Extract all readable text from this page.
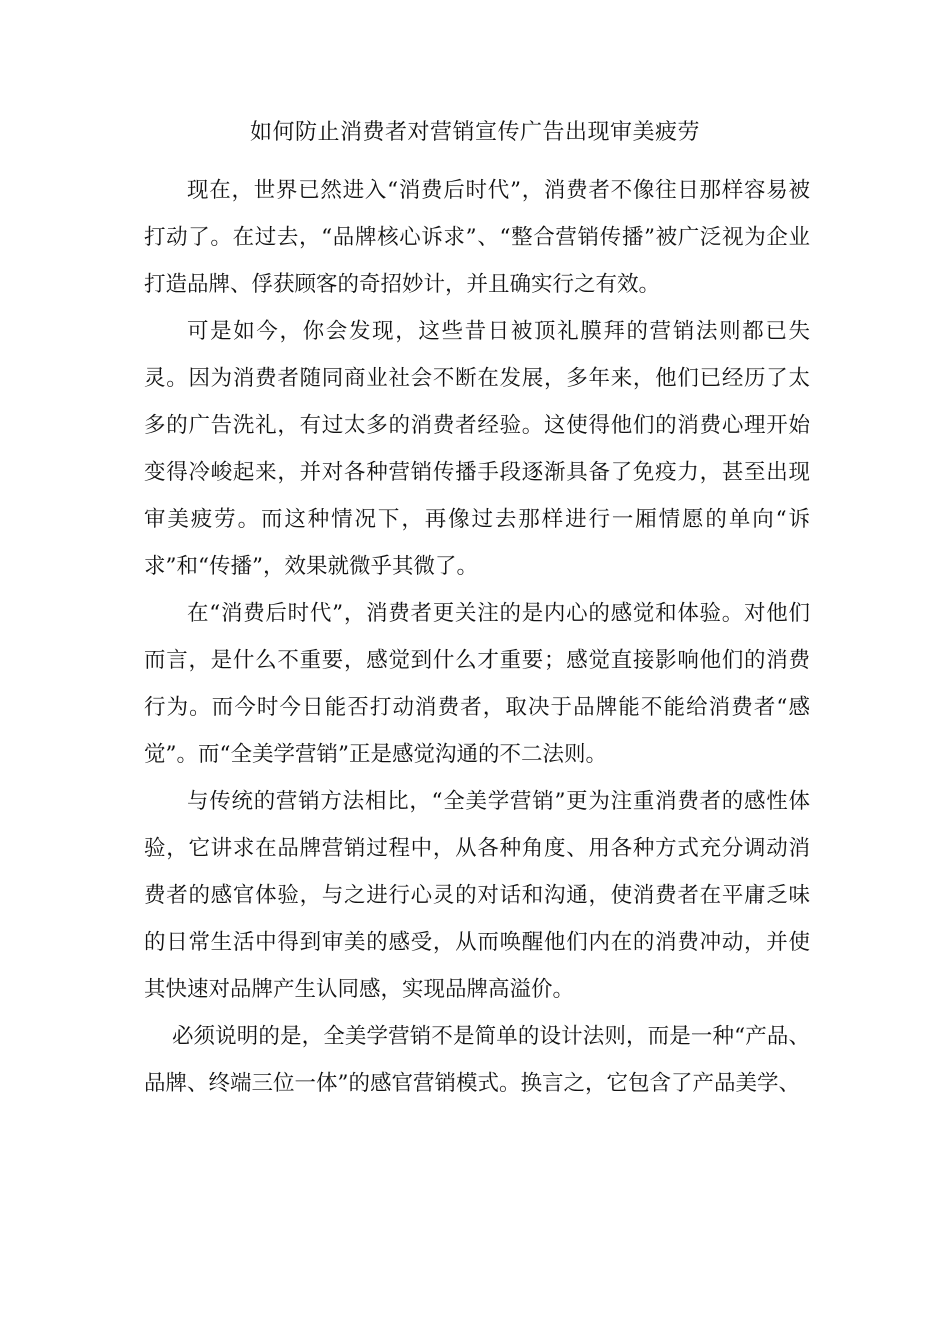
如何防止消费者对营销宣传广告出现审美疲劳

现在，世界已然进入“消费后时代”，消费者不像往日那样容易被打动了。在过去，“品牌核心诉求”、“整合营销传播”被广泛视为企业打造品牌、俘获顾客的奇招妙计，并且确实行之有效。

可是如今，你会发现，这些昔日被顶礼膜拜的营销法则都已失灵。因为消费者随同商业社会不断在发展，多年来，他们已经历了太多的广告洗礼，有过太多的消费者经验。这使得他们的消费心理开始变得冷峻起来，并对各种营销传播手段逐渐具备了免疫力，甚至出现审美疲劳。而这种情况下，再像过去那样进行一厢情愿的单向“诉求”和“传播”，效果就微乎其微了。

在“消费后时代”，消费者更关注的是内心的感觉和体验。对他们而言，是什么不重要，感觉到什么才重要；感觉直接影响他们的消费行为。而今时今日能否打动消费者，取决于品牌能不能给消费者“感觉”。而“全美学营销”正是感觉沟通的不二法则。

与传统的营销方法相比，“全美学营销”更为注重消费者的感性体验，它讲求在品牌营销过程中，从各种角度、用各种方式充分调动消费者的感官体验，与之进行心灵的对话和沟通，使消费者在平庸乏味的日常生活中得到审美的感受，从而唤醒他们内在的消费冲动，并使其快速对品牌产生认同感，实现品牌高溢价。

必须说明的是，全美学营销不是简单的设计法则，而是一种“产品、品牌、终端三位一体”的感官营销模式。换言之，它包含了产品美学、
